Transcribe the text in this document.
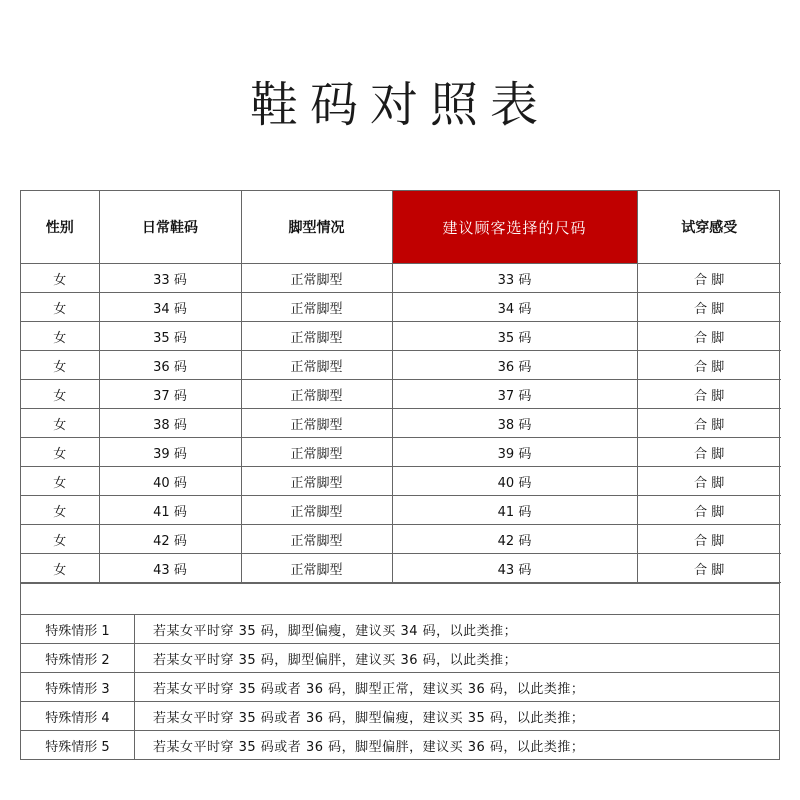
鞋码对照表
性别	日常鞋码	脚型情况	建议顾客选择的尺码	试穿感受
女	33 码	正常脚型	33 码	合 脚
女	34 码	正常脚型	34 码	合 脚
女	35 码	正常脚型	35 码	合 脚
女	36 码	正常脚型	36 码	合 脚
女	37 码	正常脚型	37 码	合 脚
女	38 码	正常脚型	38 码	合 脚
女	39 码	正常脚型	39 码	合 脚
女	40 码	正常脚型	40 码	合 脚
女	41 码	正常脚型	41 码	合 脚
女	42 码	正常脚型	42 码	合 脚
女	43 码	正常脚型	43 码	合 脚
特殊情形 1	若某女平时穿 35 码，脚型偏瘦，建议买 34 码，以此类推；
特殊情形 2	若某女平时穿 35 码，脚型偏胖，建议买 36 码，以此类推；
特殊情形 3	若某女平时穿 35 码或者 36 码，脚型正常，建议买 36 码，以此类推；
特殊情形 4	若某女平时穿 35 码或者 36 码，脚型偏瘦，建议买 35 码，以此类推；
特殊情形 5	若某女平时穿 35 码或者 36 码，脚型偏胖，建议买 36 码，以此类推；
